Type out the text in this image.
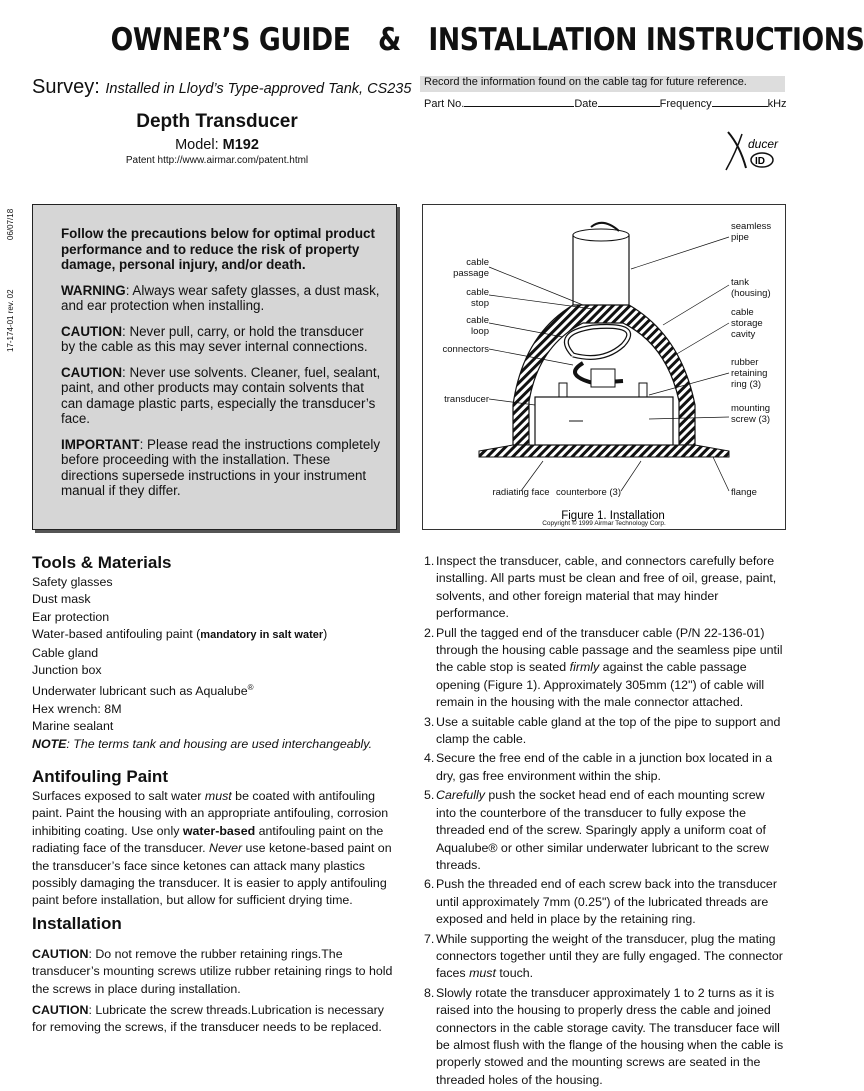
OWNER’S GUIDE & INSTALLATION INSTRUCTIONS
Survey: Installed in Lloyd’s Type-approved Tank, CS235
Depth Transducer
Model: M192
Patent http://www.airmar.com/patent.html
Record the information found on the cable tag for future reference.
Part No.	Date	Frequency	kHz
ducer
ID
06/07/18
17-174-01 rev. 02

Follow the precautions below for optimal product performance and to reduce the risk of property damage, personal injury, and/or death.

WARNING: Always wear safety glasses, a dust mask, and ear protection when installing.

CAUTION: Never pull, carry, or hold the transducer by the cable as this may sever internal connections.

CAUTION: Never use solvents. Cleaner, fuel, sealant, paint, and other products may contain solvents that can damage plastic parts, especially the transducer’s face.

IMPORTANT: Please read the instructions completely before proceeding with the installation. These directions supersede instructions in your instrument manual if they differ.

cable
passage
cable
stop
cable
loop
connectors
transducer
radiating face counterbore (3)
seamless
pipe
tank
(housing)
cable
storage
cavity
rubber
retaining
ring (3)
mounting
screw (3)
flange
Figure 1. Installation
Copyright © 1999 Airmar Technology Corp.
Tools & Materials
Safety glasses
Dust mask
Ear protection
Water-based antifouling paint (mandatory in salt water)
Cable gland
Junction box
Underwater lubricant such as Aqualube®
Hex wrench: 8M
Marine sealant
NOTE: The terms tank and housing are used interchangeably.
Antifouling Paint
Surfaces exposed to salt water must be coated with antifouling paint. Paint the housing with an appropriate antifouling, corrosion inhibiting coating. Use only water-based antifouling paint on the radiating face of the transducer. Never use ketone-based paint on the transducer’s face since ketones can attack many plastics possibly damaging the transducer. It is easier to apply antifouling paint before installation, but allow for sufficient drying time.
Installation
CAUTION: Do not remove the rubber retaining rings.The transducer’s mounting screws utilize rubber retaining rings to hold the screws in place during installation.
CAUTION: Lubricate the screw threads.Lubrication is necessary for removing the screws, if the transducer needs to be replaced.
1. Inspect the transducer, cable, and connectors carefully before installing. All parts must be clean and free of oil, grease, paint, solvents, and other foreign material that may hinder performance.
2. Pull the tagged end of the transducer cable (P/N 22-136-01) through the housing cable passage and the seamless pipe until the cable stop is seated firmly against the cable passage opening (Figure 1). Approximately 305mm (12") of cable will remain in the housing with the male connector attached.
3. Use a suitable cable gland at the top of the pipe to support and clamp the cable.
4. Secure the free end of the cable in a junction box located in a dry, gas free environment within the ship.
5. Carefully push the socket head end of each mounting screw into the counterbore of the transducer to fully expose the threaded end of the screw. Sparingly apply a uniform coat of Aqualube® or other similar underwater lubricant to the screw threads.
6. Push the threaded end of each screw back into the transducer until approximately 7mm (0.25") of the lubricated threads are exposed and held in place by the retaining ring.
7. While supporting the weight of the transducer, plug the mating connectors together until they are fully engaged. The connector faces must touch.
8. Slowly rotate the transducer approximately 1 to 2 turns as it is raised into the housing to properly dress the cable and joined connectors in the cable storage cavity. The transducer face will be almost flush with the flange of the housing when the cable is properly stowed and the mounting screws are seated in the threaded holes of the housing.
